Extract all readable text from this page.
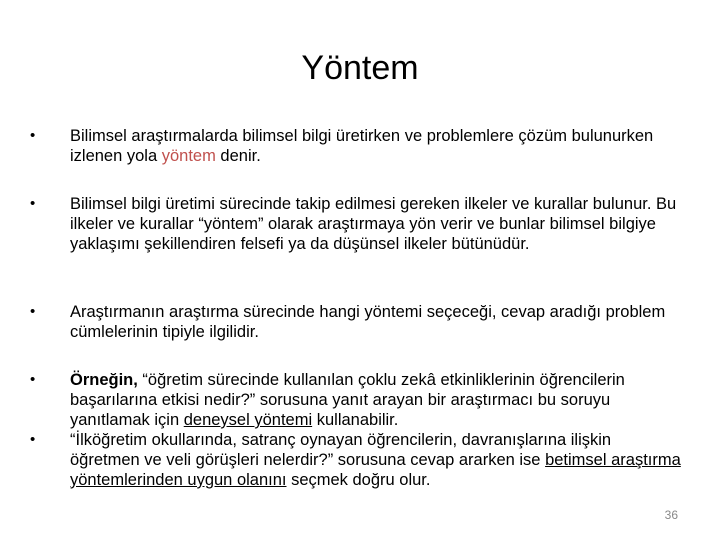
Yöntem
•	Bilimsel araştırmalarda bilimsel bilgi üretirken ve problemlere çözüm bulunurken izlenen yola yöntem denir.
•	Bilimsel bilgi üretimi sürecinde takip edilmesi gereken ilkeler ve kurallar bulunur. Bu ilkeler ve kurallar “yöntem” olarak araştırmaya yön verir ve bunlar bilimsel bilgiye yaklaşımı şekillendiren felsefi ya da düşünsel ilkeler bütünüdür.
•	Araştırmanın araştırma sürecinde hangi yöntemi seçeceği, cevap aradığı problem cümlelerinin tipiyle ilgilidir.
•	Örneğin, “öğretim sürecinde kullanılan çoklu zekâ etkinliklerinin öğrencilerin başarılarına etkisi nedir?” sorusuna yanıt arayan bir araştırmacı bu soruyu yanıtlamak için deneysel yöntemi kullanabilir.
•	“İlköğretim okullarında, satranç oynayan öğrencilerin, davranışlarına ilişkin öğretmen ve veli görüşleri nelerdir?” sorusuna cevap ararken ise betimsel araştırma yöntemlerinden uygun olanını seçmek doğru olur.
36
